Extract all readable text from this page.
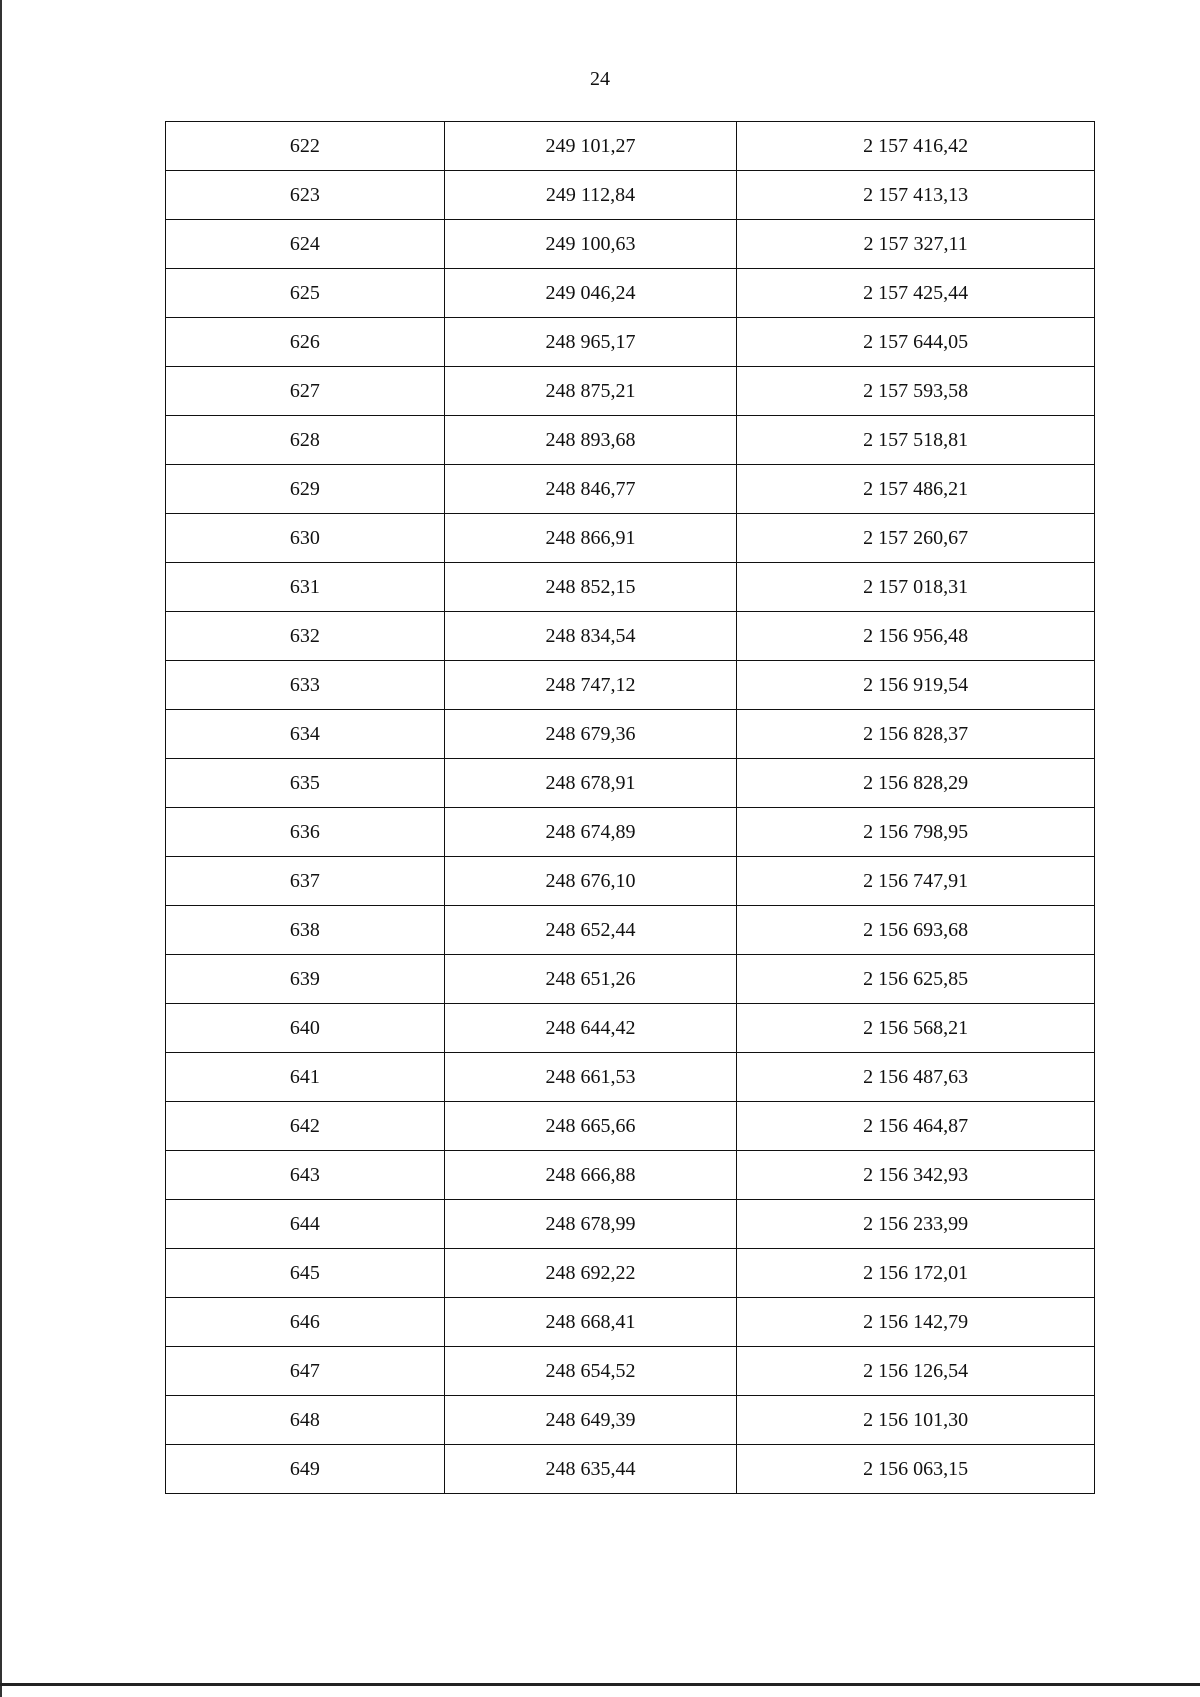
24
622	249 101,27	2 157 416,42
623	249 112,84	2 157 413,13
624	249 100,63	2 157 327,11
625	249 046,24	2 157 425,44
626	248 965,17	2 157 644,05
627	248 875,21	2 157 593,58
628	248 893,68	2 157 518,81
629	248 846,77	2 157 486,21
630	248 866,91	2 157 260,67
631	248 852,15	2 157 018,31
632	248 834,54	2 156 956,48
633	248 747,12	2 156 919,54
634	248 679,36	2 156 828,37
635	248 678,91	2 156 828,29
636	248 674,89	2 156 798,95
637	248 676,10	2 156 747,91
638	248 652,44	2 156 693,68
639	248 651,26	2 156 625,85
640	248 644,42	2 156 568,21
641	248 661,53	2 156 487,63
642	248 665,66	2 156 464,87
643	248 666,88	2 156 342,93
644	248 678,99	2 156 233,99
645	248 692,22	2 156 172,01
646	248 668,41	2 156 142,79
647	248 654,52	2 156 126,54
648	248 649,39	2 156 101,30
649	248 635,44	2 156 063,15
